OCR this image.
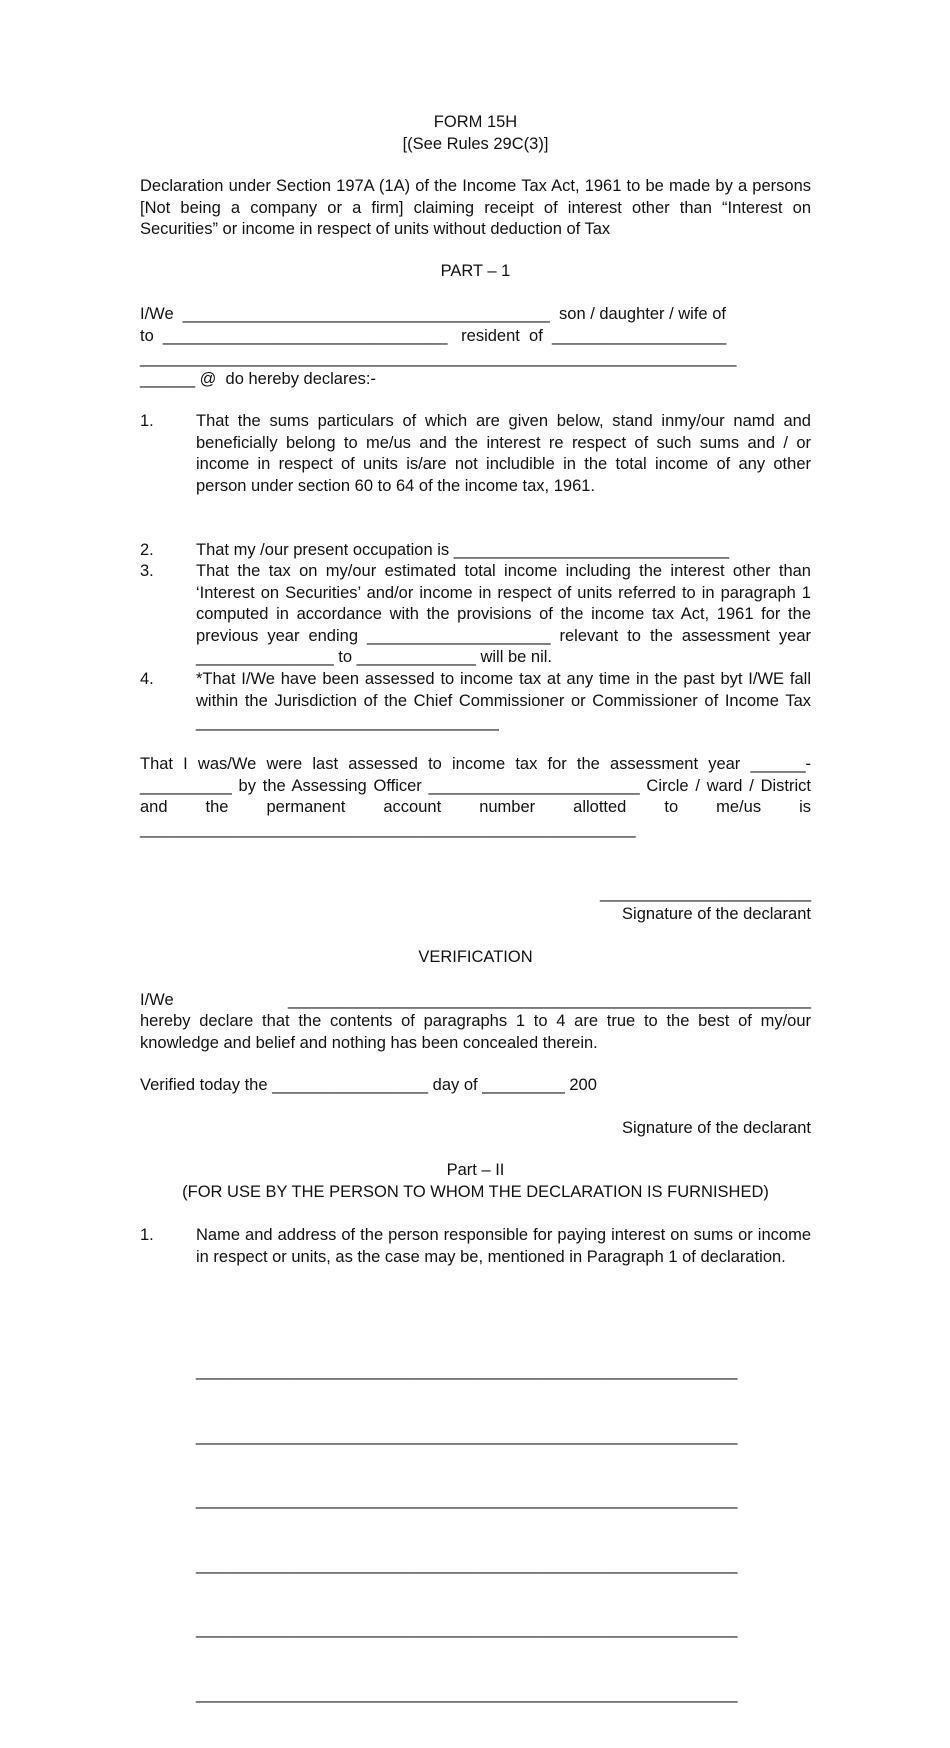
FORM 15H
[(See Rules 29C(3)]
Declaration under Section 197A (1A) of the Income Tax Act, 1961 to be made by a persons [Not being a company or a firm] claiming receipt of interest other than “Interest on Securities” or income in respect of units without deduction of Tax
PART – 1
I/We  ________________________________________  son / daughter / wife of
to  _______________________________   resident  of  ___________________
_________________________________________________________________
______ @  do hereby declares:-
1.	That the sums particulars of which are given below, stand inmy/our namd and beneficially belong to me/us and the interest re respect of such sums and / or income in respect of units is/are not includible in the total income of any other person under section 60 to 64 of the income tax, 1961.
2.	That my /our present occupation is ______________________________
3.	That the tax on my/our estimated total income including the interest other than ‘Interest on Securities’ and/or income in respect of units referred to in paragraph 1 computed in accordance with the provisions of the income tax Act, 1961 for the previous year ending ____________________ relevant to the assessment year _______________ to _____________ will be nil.
4.	*That I/We have been assessed to income tax at any time in the past byt I/WE fall within the Jurisdiction of the Chief Commissioner or Commissioner of Income Tax _________________________________
That I was/We were last assessed to income tax for the assessment year ______- __________ by the Assessing Officer _______________________ Circle / ward / District and the permanent account number allotted to me/us is ______________________________________________________
_______________________
Signature of the declarant
VERIFICATION
I/We	_________________________________________________________
hereby declare that the contents of paragraphs 1 to 4 are true to the best of my/our knowledge and belief and nothing has been concealed therein.
Verified today the _________________ day of _________ 200
Signature of the declarant
Part – II
(FOR USE BY THE PERSON TO WHOM THE DECLARATION IS FURNISHED)
1.	Name and address of the person responsible for paying interest on sums or income in respect or units, as the case may be, mentioned in Paragraph 1 of declaration.

___________________________________________________________

___________________________________________________________

___________________________________________________________

___________________________________________________________

___________________________________________________________

___________________________________________________________
